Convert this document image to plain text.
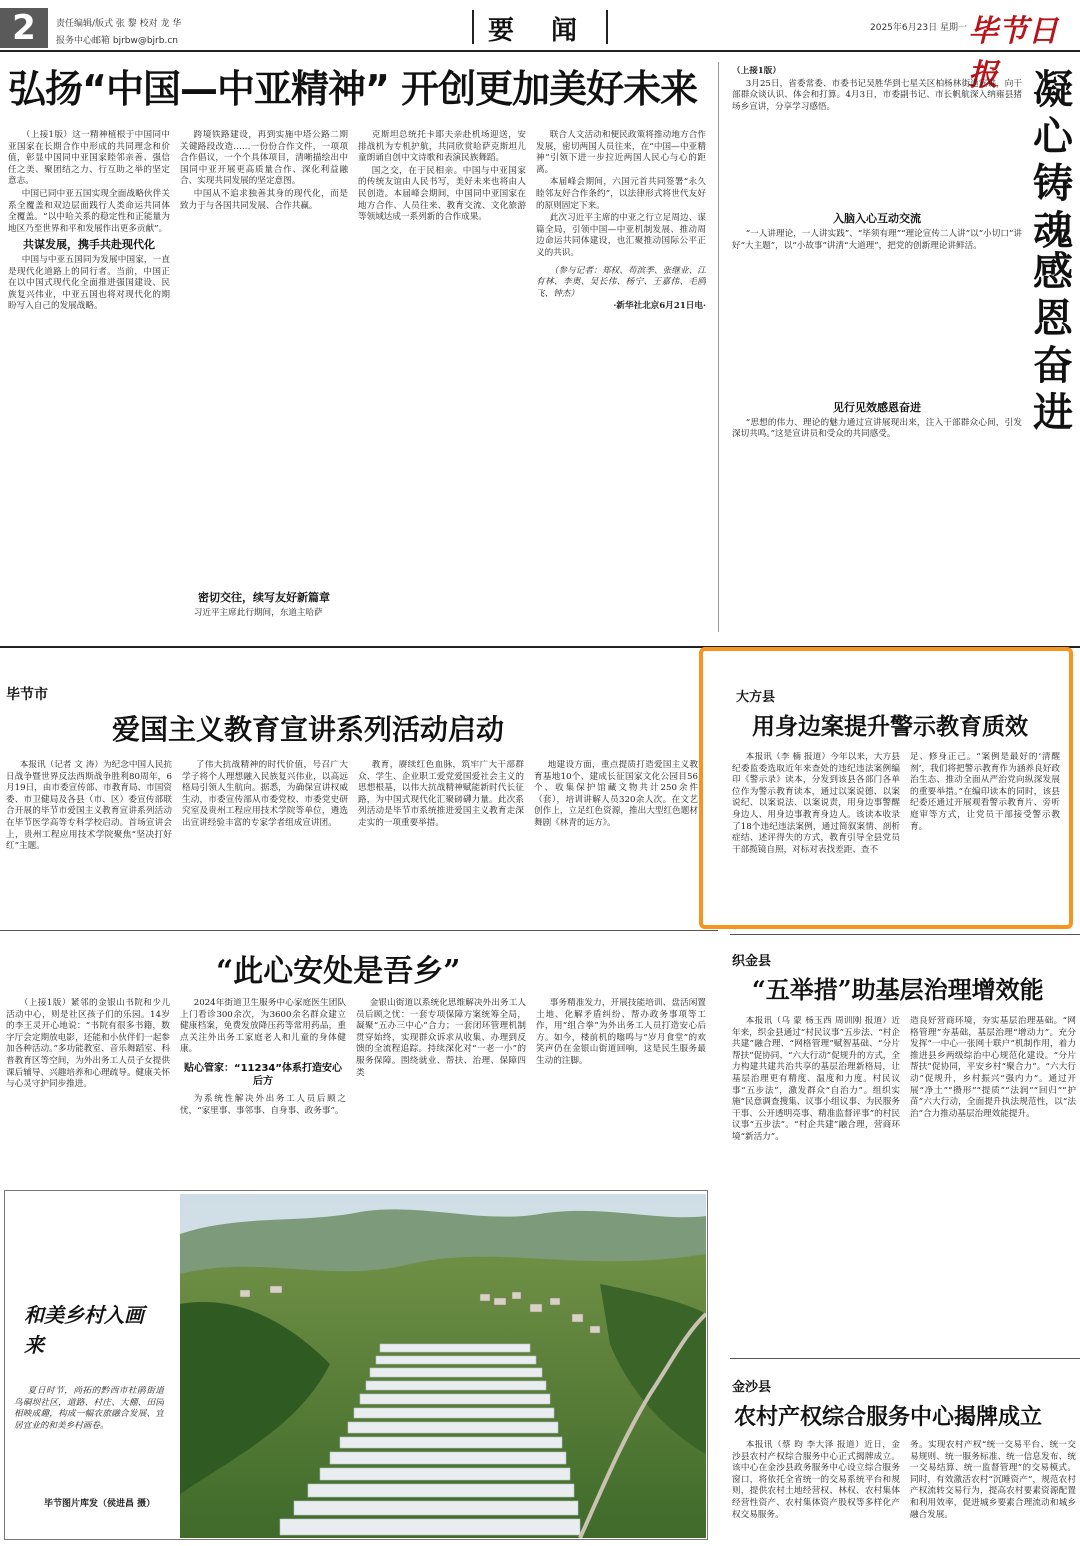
2	责任编辑/版式 张 黎 校对 龙 华
报务中心邮箱 bjrbw@bjrb.cn	要 闻	2025年6月23日 星期一 毕节日报
弘扬“中国—中亚精神” 开创更加美好未来

（上接1版）这一精神植根于中国同中亚国家在长期合作中形成的共同理念和价值，彰显中国同中亚国家睦邻亲善、强信任之美、聚团结之力、行互助之举的坚定意志。

中国已同中亚五国实现全面战略伙伴关系全覆盖和双边层面践行人类命运共同体全覆盖。“以中哈关系的稳定性和正能量为地区乃至世界和平和发展作出更多贡献”。

共谋发展，携手共赴现代化

中国与中亚五国同为发展中国家，一直是现代化道路上的同行者。当前，中国正在以中国式现代化全面推进强国建设、民族复兴伟业，中亚五国也将对现代化的期盼写入自己的发展战略。

跨境铁路建设，再到实施中塔公路二期关键路段改造……一份份合作文件，一项项合作倡议，一个个具体项目，清晰描绘出中国同中亚开展更高质量合作、深化利益融合、实现共同发展的坚定意图。

中国从不追求独善其身的现代化，而是致力于与各国共同发展、合作共赢。

密切交往，续写友好新篇章

习近平主席此行期间，东道主哈萨

克斯坦总统托卡耶夫亲赴机场迎送，安排战机为专机护航，共同欣赏哈萨克斯坦儿童朗诵自创中文诗歌和表演民族舞蹈。

国之交，在于民相亲。中国与中亚国家的传统友谊由人民书写，美好未来也将由人民创造。本届峰会期间，中国同中亚国家在地方合作、人员往来、教育交流、文化旅游等领域达成一系列新的合作成果。

联合人文活动和便民政策将推动地方合作发展，密切两国人员往来，在“中国—中亚精神”引领下进一步拉近两国人民心与心的距离。

本届峰会期间，六国元首共同签署“永久睦邻友好合作条约”，以法律形式将世代友好的原则固定下来。

此次习近平主席的中亚之行立足周边、谋篇全局，引领中国—中亚机制发展、推动周边命运共同体建设，也汇聚推动国际公平正义的共识。

（参与记者：郑权、苟滨季、张继业、江有林、李奥、吴长伟、杨宁、王嘉伟、毛鸥飞、钟杰）

·新华社北京6月21日电·

（上接1版）

3月25日，省委常委、市委书记吴胜华到七星关区柏杨林街道宣讲，向干部群众谈认识、体会和打算。4月3日，市委副书记、市长帆航深入纳雍县猪场乡宣讲，分享学习感悟。

入脑入心互动交流

“一人讲理论，一人讲实践”、“毕须有理”“理论宣传二人讲”以“小切口”讲好“大主题”，以“小故事”讲清“大道理”，把党的创新理论讲鲜活。

见行见效感恩奋进

“思想的伟力、理论的魅力通过宣讲展现出来，注入干部群众心间，引发深切共鸣。”这是宣讲员和受众的共同感受。

凝
心
铸
魂
感
恩
奋
进
毕节市
爱国主义教育宣讲系列活动启动
本报讯（记者 文 涛）为纪念中国人民抗日战争暨世界反法西斯战争胜利80周年，6月19日，由市委宣传部、市教育局、市国资委、市卫健局及各县（市、区）委宣传部联合开展的毕节市爱国主义教育宣讲系列活动在毕节医学高等专科学校启动。首场宣讲会上，贵州工程应用技术学院聚焦“坚决打好红”主题。
了伟大抗战精神的时代价值，号召广大学子将个人理想融入民族复兴伟业，以高远格局引领人生航向。据悉，为确保宣讲权威生动，市委宣传部从市委党校、市委党史研究室及贵州工程应用技术学院等单位，遴选出宣讲经验丰富的专家学者组成宣讲团。
教育，赓续红色血脉，筑牢广大干部群众、学生、企业职工爱党爱国爱社会主义的思想根基，以伟大抗战精神赋能新时代长征路，为中国式现代化汇聚磅礴力量。此次系列活动是毕节市系统推进爱国主义教育走深走实的一项重要举措。
地建设方面，重点提质打造爱国主义教育基地10个、建成长征国家文化公园目56个、收集保护馆藏文物共计250余件（套），培训讲解人员320余人次。在文艺创作上，立足红色资源，推出大型红色题材舞剧《林青的远方》。
大方县
用身边案提升警示教育质效
本报讯（李 楠 报道）今年以来，大方县纪委监委选取近年来查处的违纪违法案例编印《警示录》读本，分发到该县各部门各单位作为警示教育读本，通过以案说德、以案说纪、以案说法、以案说责，用身边事警醒身边人、用身边事教育身边人。该读本收录了18个违纪违法案例，通过简叙案情、剖析症结、述评得失的方式，教育引导全县党员干部揽镜自照，对标对表找差距、查不
足、修身正己。“案例是最好的‘清醒剂’，我们将把警示教育作为涵养良好政治生态、推动全面从严治党向纵深发展的重要举措。”在编印读本的同时，该县纪委还通过开展观看警示教育片、旁听庭审等方式，让党员干部接受警示教育。
“此心安处是吾乡”
（上接1版）紧邻的金银山书院和少儿活动中心，则是社区孩子们的乐园。14岁的李王灵开心地说：“书院有很多书籍，数字厅会定期放电影，还能和小伙伴们一起参加各种活动。”多功能教室、音乐舞蹈室、科普教育区等空间，为外出务工人员子女提供课后辅导、兴趣培养和心理疏导。健康关怀与心灵守护同步推进。

2024年街道卫生服务中心家庭医生团队上门看诊300余次，为3600余名群众建立健康档案，免费发放降压药等常用药品，重点关注外出务工家庭老人和儿童的身体健康。

贴心管家：“11234”体系打造安心后方

为系统性解决外出务工人员后顾之忧，“家里事、事邻事、自身事、政务事”。

金银山街道以系统化思维解决外出务工人员后顾之忧：一套专项保障方案统筹全局，凝聚“五办三中心”合力；一套闭环管理机制贯穿始终，实现群众诉求从收集、办理到反馈的全流程追踪。持续深化对“一老一小”的服务保障。围绕就业、帮扶、治理、保障四类
事务精准发力，开展技能培训、盘活闲置土地、化解矛盾纠纷、帮办政务事项等工作，用“组合拳”为外出务工人员打造安心后方。如今，楼前机的嗡鸣与“岁月食堂”的欢笑声仍在金银山街道回响，这是民生服务最生动的注脚。
和美乡村入画来
夏日时节，尚拓的黔西市杜鹃街道鸟硐坝社区，道路、村庄、大棚、田园相映成趣，构成一幅农旅融合发展、宜居宜业的和美乡村画卷。
毕节图片库发（侯进昌 摄）
织金县
“五举措”助基层治理增效能
本报讯（乌 蒙 杨玉西 周训刚 报道）近年来，织金县通过“村民议事”五步法、“村企共建”融合理、“网格管理”赋智基础、“分片帮扶”促协同、“六大行动”促规升的方式，全力构建共建共治共享的基层治理新格局，让基层治理更有精度、温度和力度。村民议事“五步法”，激发群众“自治力”。组织实施“民意调查搜集、议事小组议事、为民服务干事、公开透明亮事、精准监督评事”的村民议事“五步法”。“村企共建”融合理，营商环境“新活力”。
造良好营商环境，夯实基层治理基础。“网格管理”夯基础，基层治理“增动力”。充分发挥“一中心一张网十联户”机制作用，着力推进县乡两级综治中心规范化建设。“分片帮扶”促协同，平安乡村“聚合力”。“六大行动”促规升，乡村振兴“强内力”。通过开展“净土”“攒形”“提质”“法润”“回归”“护苗”六大行动，全面提升执法规范性，以“法治”合力推动基层治理效能提升。
金沙县
农村产权综合服务中心揭牌成立
本报讯（蔡 昀 李大泽 报道）近日，金沙县农村产权综合服务中心正式揭牌成立。该中心在金沙县政务服务中心设立综合服务窗口，将依托全省统一的交易系统平台和规则，提供农村土地经营权、林权、农村集体经营性资产、农村集体资产股权等多样化产权交易服务。
务。实现农村产权“统一交易平台、统一交易规则、统一服务标准、统一信息发布、统一交易结算、统一监督管理”的交易模式。同时，有效激活农村“沉睡资产”，规范农村产权流转交易行为，提高农村要素资源配置和利用效率，促进城乡要素合理流动和城乡融合发展。
